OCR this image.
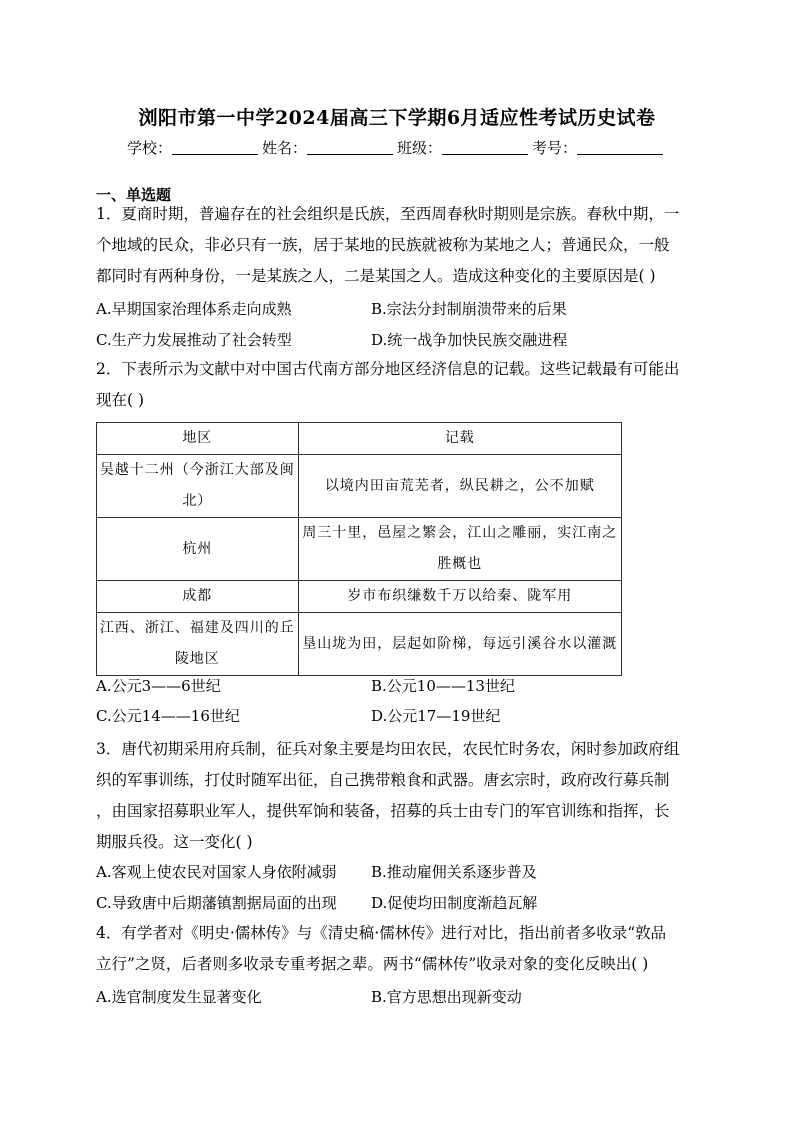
浏阳市第一中学2024届高三下学期6月适应性考试历史试卷
学校：	姓名：	班级：	考号：
一、单选题
1．夏商时期，普遍存在的社会组织是氏族，至西周春秋时期则是宗族。春秋中期，一
个地域的民众，非必只有一族，居于某地的民族就被称为某地之人；普通民众，一般
都同时有两种身份，一是某族之人，二是某国之人。造成这种变化的主要原因是( )
A.早期国家治理体系走向成熟	B.宗法分封制崩溃带来的后果
C.生产力发展推动了社会转型	D.统一战争加快民族交融进程
2．下表所示为文献中对中国古代南方部分地区经济信息的记载。这些记载最有可能出
现在( )
地区	记载
吴越十二州（今浙江大部及闽北）	以境内田亩荒芜者，纵民耕之，公不加赋
杭州	周三十里，邑屋之繁会，江山之雕丽，实江南之胜概也
成都	岁市布织缣数千万以给秦、陇军用
江西、浙江、福建及四川的丘陵地区	垦山垅为田，层起如阶梯，每远引溪谷水以灌溉
A.公元3——6世纪	B.公元10——13世纪
C.公元14——16世纪	D.公元17—19世纪
3．唐代初期采用府兵制，征兵对象主要是均田农民，农民忙时务农，闲时参加政府组
织的军事训练，打仗时随军出征，自己携带粮食和武器。唐玄宗时，政府改行募兵制
，由国家招募职业军人，提供军饷和装备，招募的兵士由专门的军官训练和指挥，长
期服兵役。这一变化( )
A.客观上使农民对国家人身依附减弱 B.推动雇佣关系逐步普及
C.导致唐中后期藩镇割据局面的出现 D.促使均田制度渐趋瓦解
4．有学者对《明史·儒林传》与《清史稿·儒林传》进行对比，指出前者多收录“敦品
立行”之贤，后者则多收录专重考据之辈。两书“儒林传”收录对象的变化反映出( )
A.选官制度发生显著变化	B.官方思想出现新变动
